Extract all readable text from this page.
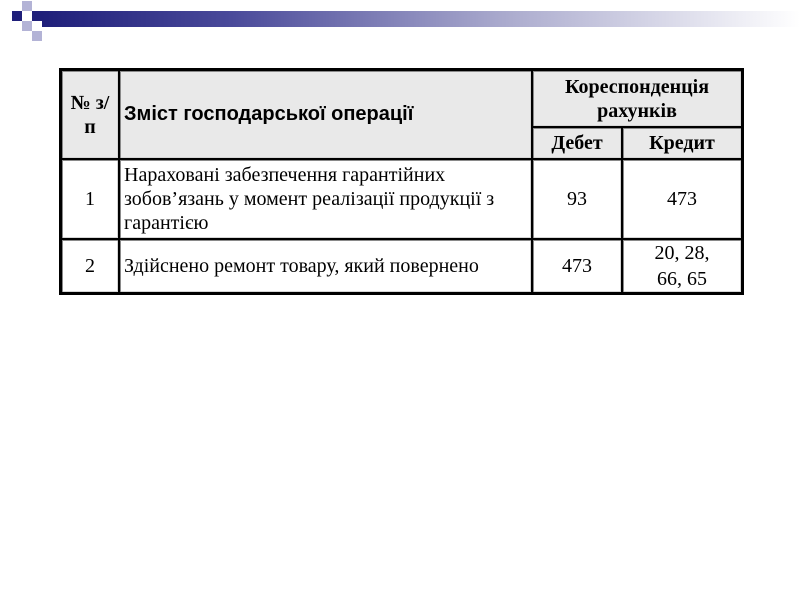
№ з/п	Зміст господарської операції	Кореспонденція рахунків	
		Дебет	Кредит
1	Нараховані забезпечення гарантійних зобов’язань у момент реалізації продукції з гарантією	93	473
2	Здійснено ремонт товару, який повернено	473	20, 28, 66, 65
